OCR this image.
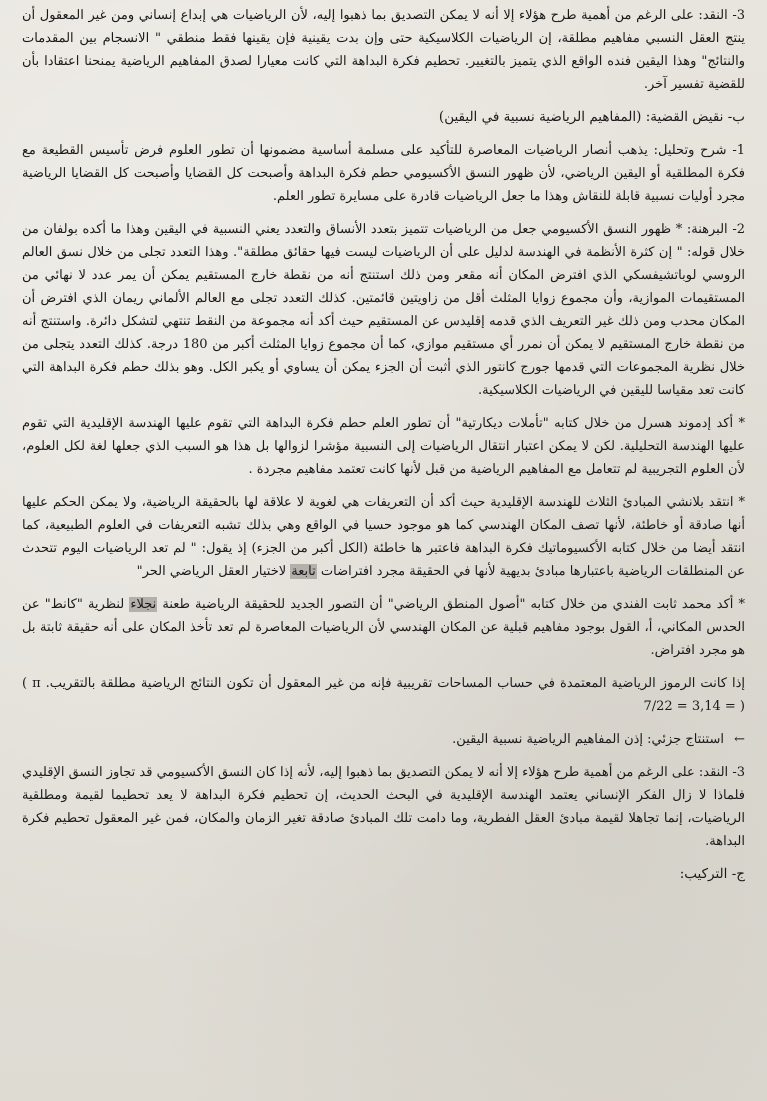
3- النقد: على الرغم من أهمية طرح هؤلاء إلا أنه لا يمكن التصديق بما ذهبوا إليه، لأن الرياضيات هي إبداع إنساني ومن غير المعقول أن ينتج العقل النسبي مفاهيم مطلقة، إن الرياضيات الكلاسيكية حتى وإن بدت يقينية فإن يقينها فقط منطقي " الانسجام بين المقدمات والنتائج" وهذا اليقين فنده الواقع الذي يتميز بالتغيير. تحطيم فكرة البداهة التي كانت معيارا لصدق المفاهيم الرياضية يمنحنا اعتقادا بأن للقضية تفسير آخر.

ب- نقيض القضية: (المفاهيم الرياضية نسبية في اليقين)

1- شرح وتحليل: يذهب أنصار الرياضيات المعاصرة للتأكيد على مسلمة أساسية مضمونها أن تطور العلوم فرض تأسيس القطيعة مع فكرة المطلقية أو اليقين الرياضي، لأن ظهور النسق الأكسيومي حطم فكرة البداهة وأصبحت كل القضايا وأصبحت كل القضايا الرياضية مجرد أوليات نسبية قابلة للنقاش وهذا ما جعل الرياضيات قادرة على مسايرة تطور العلم.

2- البرهنة: * ظهور النسق الأكسيومي جعل من الرياضيات تتميز بتعدد الأنساق والتعدد يعني النسبية في اليقين وهذا ما أكده بولفان من خلال قوله: " إن كثرة الأنظمة في الهندسة لدليل على أن الرياضيات ليست فيها حقائق مطلقة". وهذا التعدد تجلى من خلال نسق العالم الروسي لوباتشيفسكي الذي افترض المكان أنه مقعر ومن ذلك استنتج أنه من نقطة خارج المستقيم يمكن أن يمر عدد لا نهائي من المستقيمات الموازية، وأن مجموع زوايا المثلث أقل من زاويتين قائمتين. كذلك التعدد تجلى مع العالم الألماني ريمان الذي افترض أن المكان محدب ومن ذلك غير التعريف الذي قدمه إقليدس عن المستقيم حيث أكد أنه مجموعة من النقط تنتهي لتشكل دائرة. واستنتج أنه من نقطة خارج المستقيم لا يمكن أن نمرر أي مستقيم موازي، كما أن مجموع زوايا المثلث أكبر من 180 درجة. كذلك التعدد يتجلى من خلال نظرية المجموعات التي قدمها جورج كانتور الذي أثبت أن الجزء يمكن أن يساوي أو يكبر الكل. وهو بذلك حطم فكرة البداهة التي كانت تعد مقياسا لليقين في الرياضيات الكلاسيكية.

* أكد إدموند هسرل من خلال كتابه "تأملات ديكارتية" أن تطور العلم حطم فكرة البداهة التي تقوم عليها الهندسة الإقليدية التي تقوم عليها الهندسة التحليلية. لكن لا يمكن اعتبار انتقال الرياضيات إلى النسبية مؤشرا لزوالها بل هذا هو السبب الذي جعلها لغة لكل العلوم، لأن العلوم التجريبية لم تتعامل مع المفاهيم الرياضية من قبل لأنها كانت تعتمد مفاهيم مجردة .

* انتقد بلانشي المبادئ الثلاث للهندسة الإقليدية حيث أكد أن التعريفات هي لغوية لا علاقة لها بالحقيقة الرياضية، ولا يمكن الحكم عليها أنها صادقة أو خاطئة، لأنها تصف المكان الهندسي كما هو موجود حسيا في الواقع وهي بذلك تشبه التعريفات في العلوم الطبيعية، كما انتقد أيضا من خلال كتابه الأكسيوماتيك فكرة البداهة فاعتبر ها خاطئة (الكل أكبر من الجزء) إذ يقول: " لم تعد الرياضيات اليوم تتحدث عن المنطلقات الرياضية باعتبارها مبادئ بديهية لأنها في الحقيقة مجرد افتراضات تابعة لاختيار العقل الرياضي الحر"

* أكد محمد ثابت الفندي من خلال كتابه "أصول المنطق الرياضي" أن التصور الجديد للحقيقة الرياضية طعنة نجلاء لنظرية "كانط" عن الحدس المكاني، أ، القول بوجود مفاهيم قبلية عن المكان الهندسي لأن الرياضيات المعاصرة لم تعد تأخذ المكان على أنه حقيقة ثابتة بل هو مجرد افتراض.

إذا كانت الرموز الرياضية المعتمدة في حساب المساحات تقريبية فإنه من غير المعقول أن تكون النتائج الرياضية مطلقة ( π بالتقريب. 3,14 = 7/22 = )

← استنتاج جزئي: إذن المفاهيم الرياضية نسبية اليقين.

3- النقد: على الرغم من أهمية طرح هؤلاء إلا أنه لا يمكن التصديق بما ذهبوا إليه، لأنه إذا كان النسق الأكسيومي قد تجاوز النسق الإقليدي فلماذا لا زال الفكر الإنساني يعتمد الهندسة الإقليدية في البحث الحديث، إن تحطيم فكرة البداهة لا يعد تحطيما لقيمة ومطلقية الرياضيات، إنما تجاهلا لقيمة مبادئ العقل الفطرية، وما دامت تلك المبادئ صادقة تغير الزمان والمكان، فمن غير المعقول تحطيم فكرة البداهة.

ج- التركيب:
